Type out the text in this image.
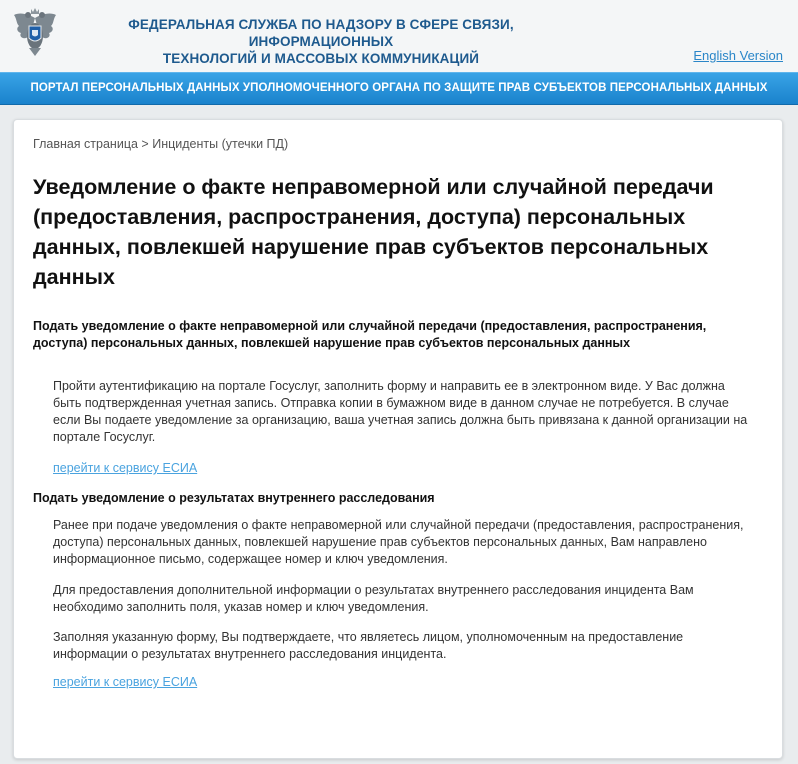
ФЕДЕРАЛЬНАЯ СЛУЖБА ПО НАДЗОРУ В СФЕРЕ СВЯЗИ, ИНФОРМАЦИОННЫХ
ТЕХНОЛОГИЙ И МАССОВЫХ КОММУНИКАЦИЙ	English Version
ПОРТАЛ ПЕРСОНАЛЬНЫХ ДАННЫХ УПОЛНОМОЧЕННОГО ОРГАНА ПО ЗАЩИТЕ ПРАВ СУБЪЕКТОВ ПЕРСОНАЛЬНЫХ ДАННЫХ
Главная страница > Инциденты (утечки ПД)
Уведомление о факте неправомерной или случайной передачи (предоставления, распространения, доступа) персональных данных, повлекшей нарушение прав субъектов персональных данных

Подать уведомление о факте неправомерной или случайной передачи (предоставления, распространения, доступа) персональных данных, повлекшей нарушение прав субъектов персональных данных

Пройти аутентификацию на портале Госуслуг, заполнить форму и направить ее в электронном виде. У Вас должна быть подтвержденная учетная запись. Отправка копии в бумажном виде в данном случае не потребуется. В случае если Вы подаете уведомление за организацию, ваша учетная запись должна быть привязана к данной организации на портале Госуслуг.

перейти к сервису ЕСИА

Подать уведомление о результатах внутреннего расследования

Ранее при подаче уведомления о факте неправомерной или случайной передачи (предоставления, распространения, доступа) персональных данных, повлекшей нарушение прав субъектов персональных данных, Вам направлено информационное письмо, содержащее номер и ключ уведомления.

Для предоставления дополнительной информации о результатах внутреннего расследования инцидента Вам необходимо заполнить поля, указав номер и ключ уведомления.

Заполняя указанную форму, Вы подтверждаете, что являетесь лицом, уполномоченным на предоставление информации о результатах внутреннего расследования инцидента.

перейти к сервису ЕСИА
